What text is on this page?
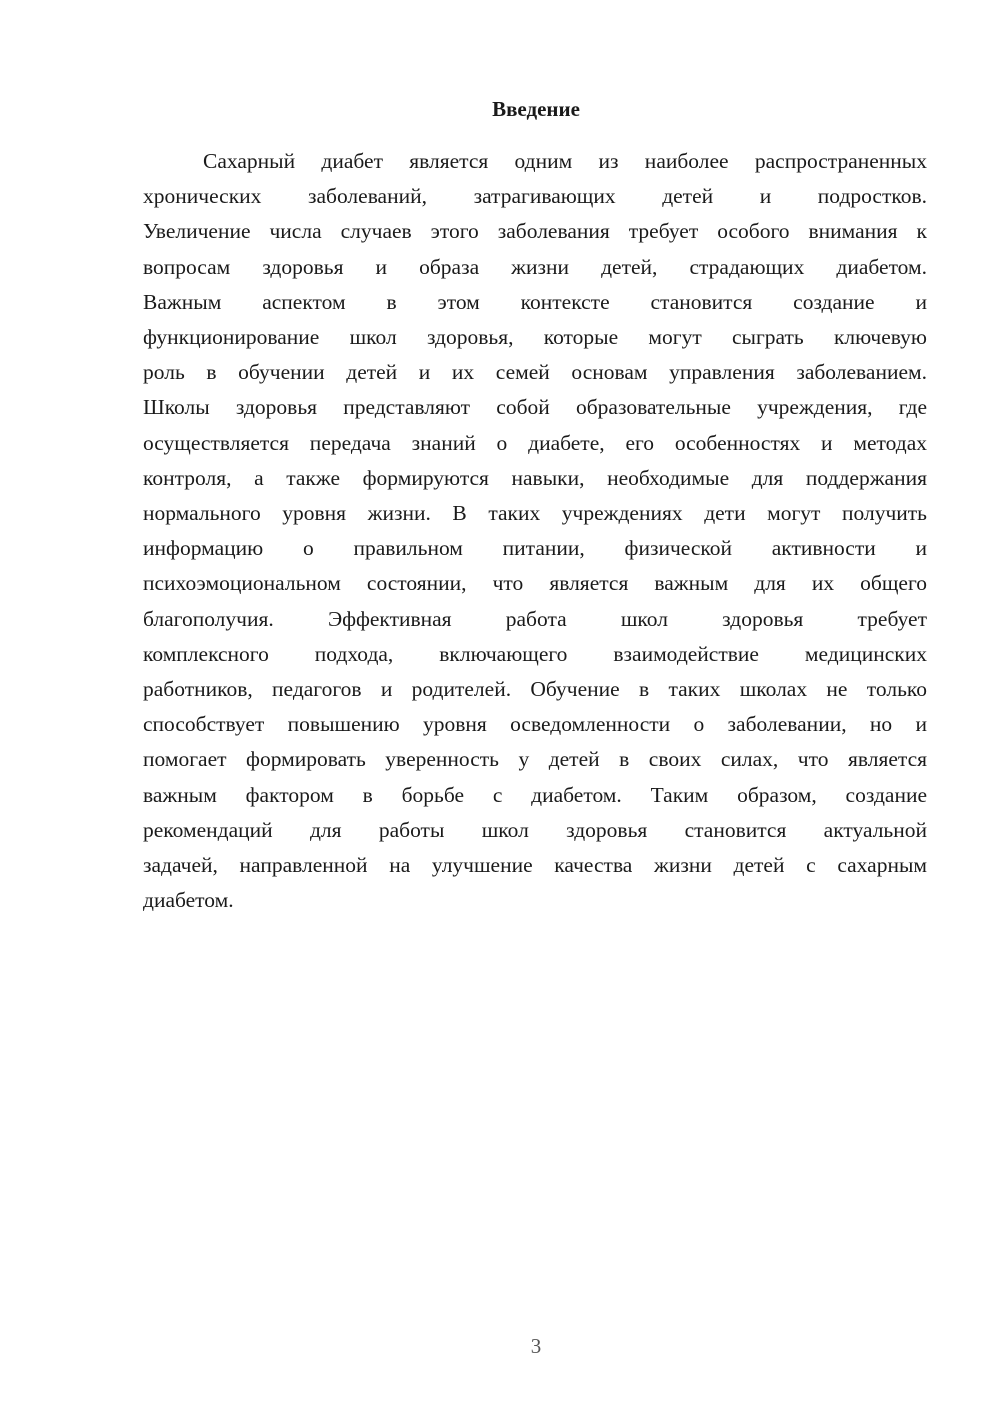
Введение
Сахарный диабет является одним из наиболее распространенных
хронических заболеваний, затрагивающих детей и подростков.
Увеличение числа случаев этого заболевания требует особого внимания к
вопросам здоровья и образа жизни детей, страдающих диабетом.
Важным аспектом в этом контексте становится создание и
функционирование школ здоровья, которые могут сыграть ключевую
роль в обучении детей и их семей основам управления заболеванием.
Школы здоровья представляют собой образовательные учреждения, где
осуществляется передача знаний о диабете, его особенностях и методах
контроля, а также формируются навыки, необходимые для поддержания
нормального уровня жизни. В таких учреждениях дети могут получить
информацию о правильном питании, физической активности и
психоэмоциональном состоянии, что является важным для их общего
благополучия. Эффективная работа школ здоровья требует
комплексного подхода, включающего взаимодействие медицинских
работников, педагогов и родителей. Обучение в таких школах не только
способствует повышению уровня осведомленности о заболевании, но и
помогает формировать уверенность у детей в своих силах, что является
важным фактором в борьбе с диабетом. Таким образом, создание
рекомендаций для работы школ здоровья становится актуальной
задачей, направленной на улучшение качества жизни детей с сахарным
диабетом.
3
